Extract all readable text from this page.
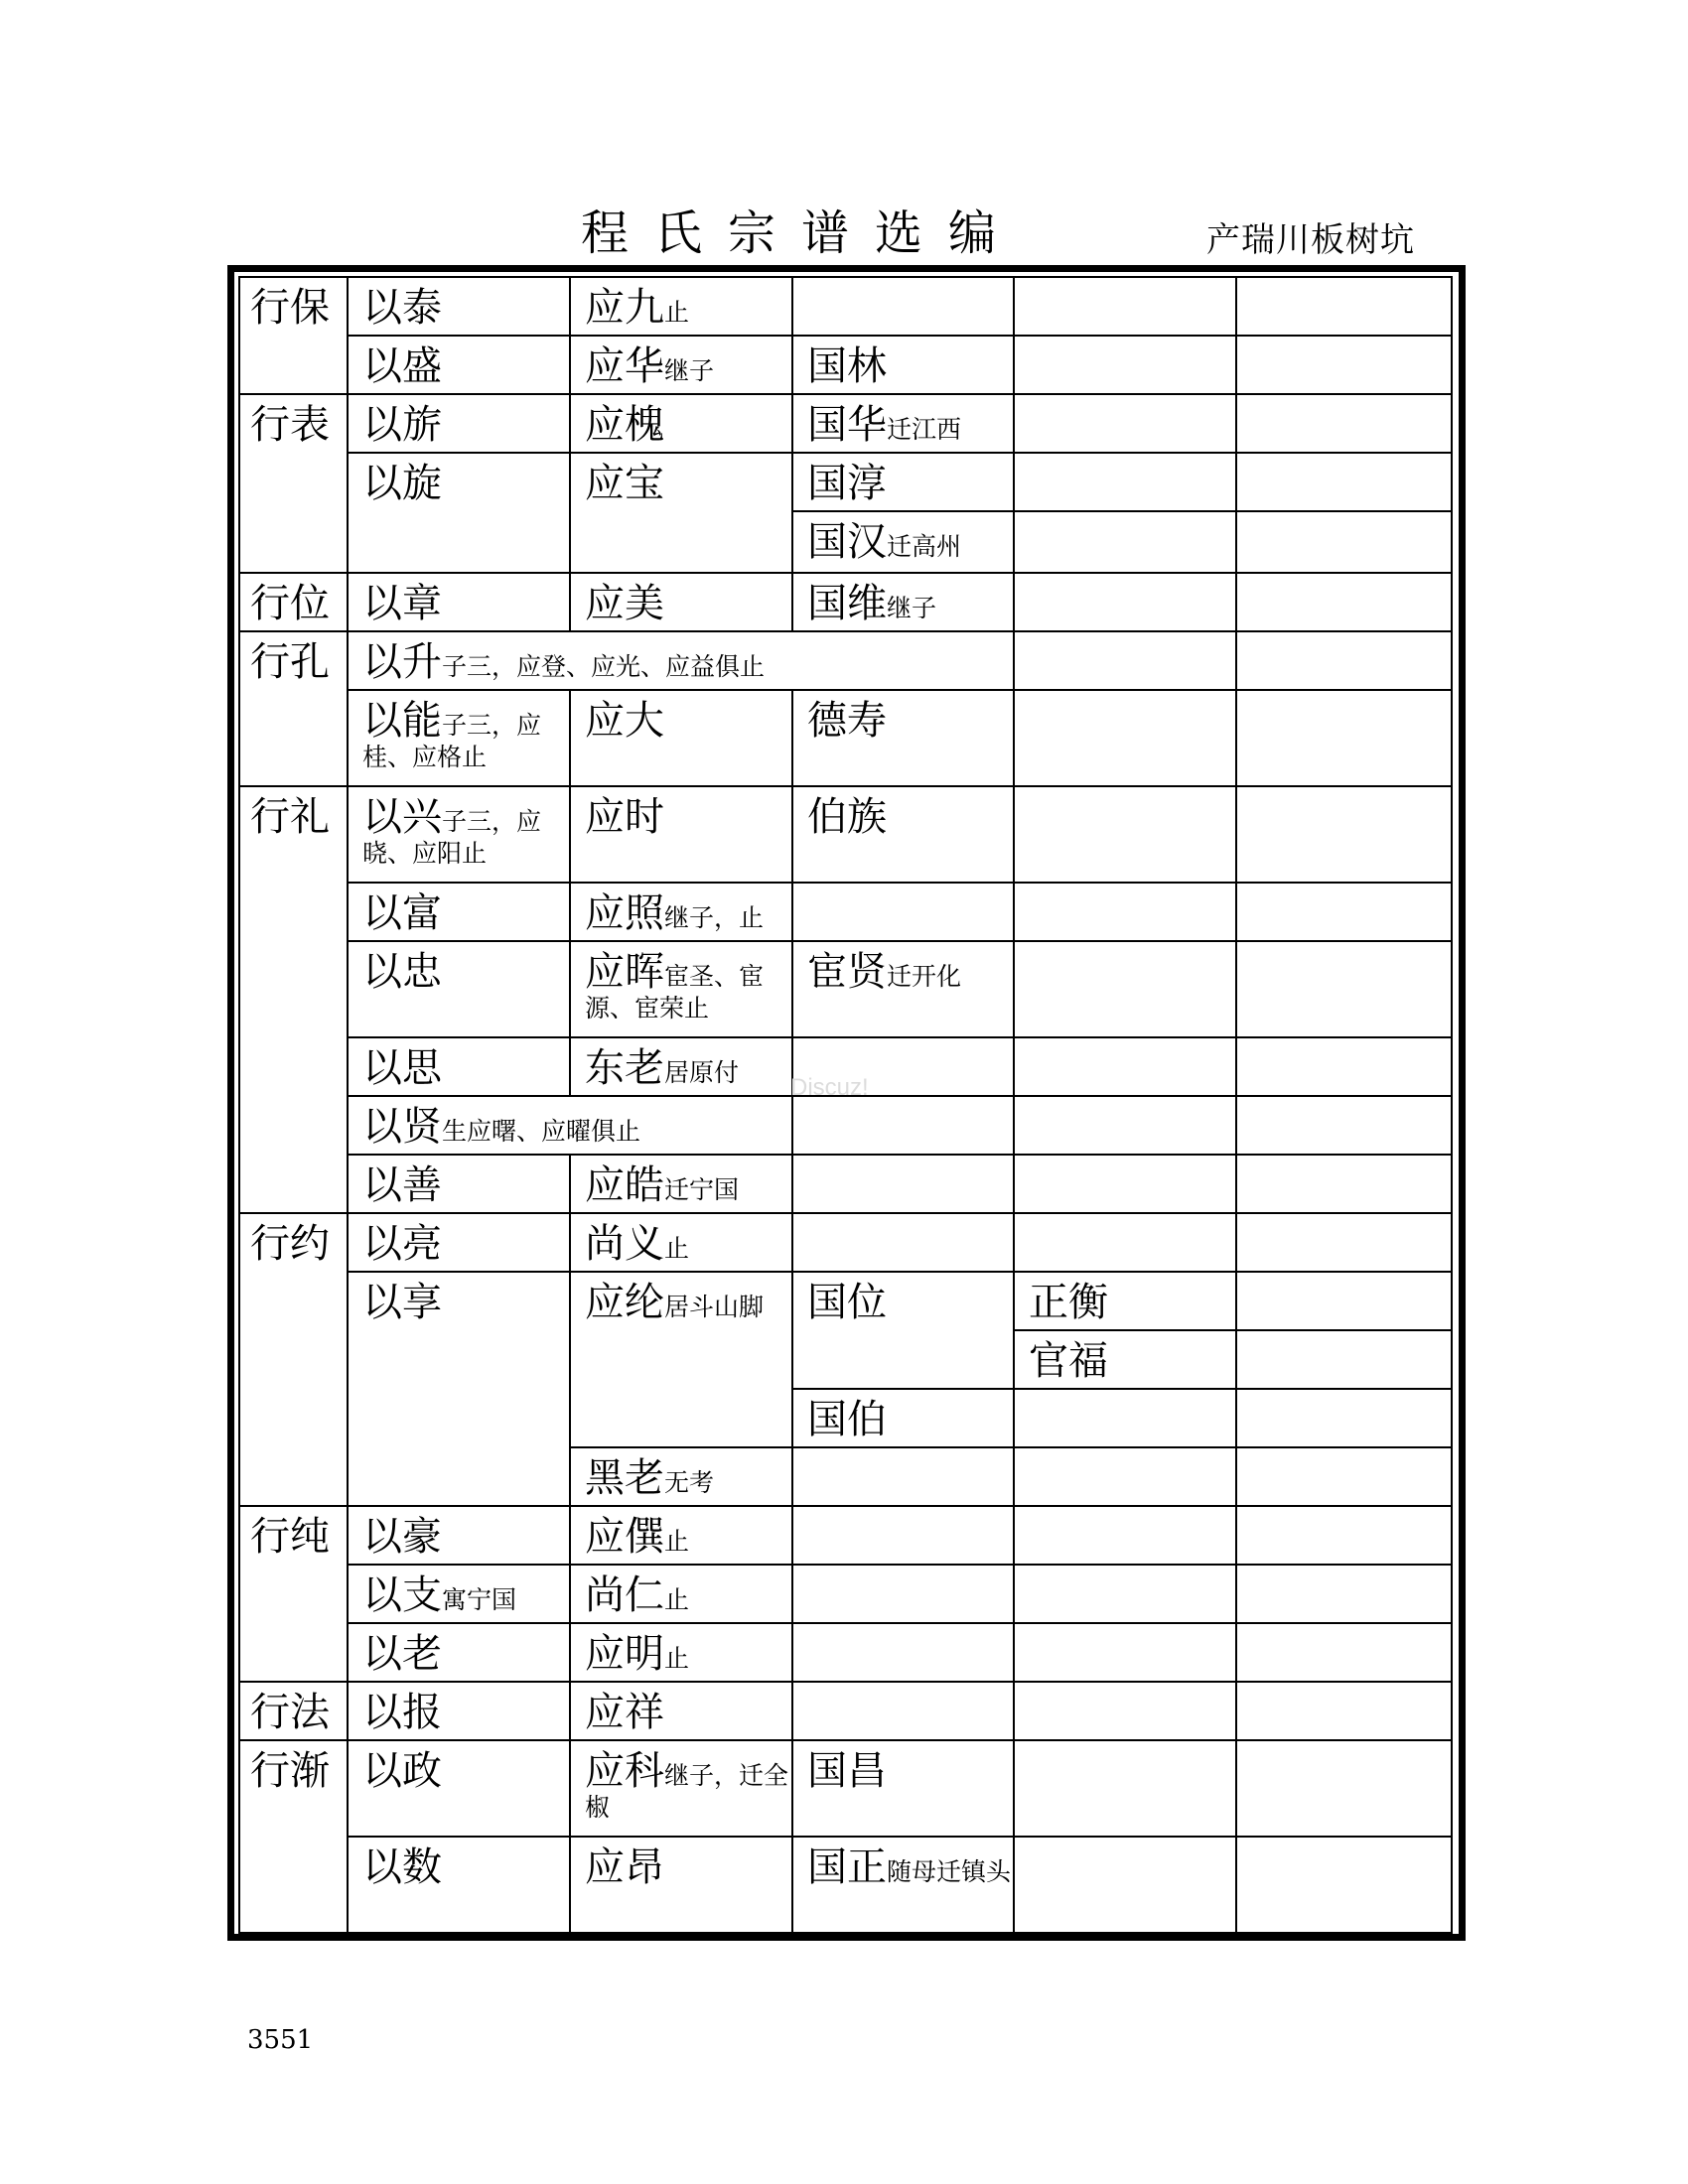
程氏宗谱选编	产瑞川板树坑
行保	以泰	应九止			
	以盛	应华继子	国林		
行表	以旂	应槐	国华迁江西		
	以旋	应宝	国淳		
			国汉迁高州		
行位	以章	应美	国维继子		
行孔	以升子三，应登、应光、应益俱止				
	以能子三，应桂、应格止	应大	德寿		
行礼	以兴子三，应晓、应阳止	应时	伯族		
	以富	应照继子，止			
	以忠	应晖宦圣、宦源、宦荣止	宦贤迁开化		
	以思	东老居原付			
	以贤生应曙、应曜俱止				
	以善	应皓迁宁国			
行约	以亮	尚义止			
	以享	应纶居斗山脚	国位	正衡	
				官福	
			国伯		
		黑老无考			
行纯	以豪	应僎止			
	以支寓宁国	尚仁止			
	以老	应明止			
行法	以报	应祥			
行渐	以政	应科继子，迁全椒	国昌		
	以数	应昂	国正随母迁镇头		
Discuz!
3551
